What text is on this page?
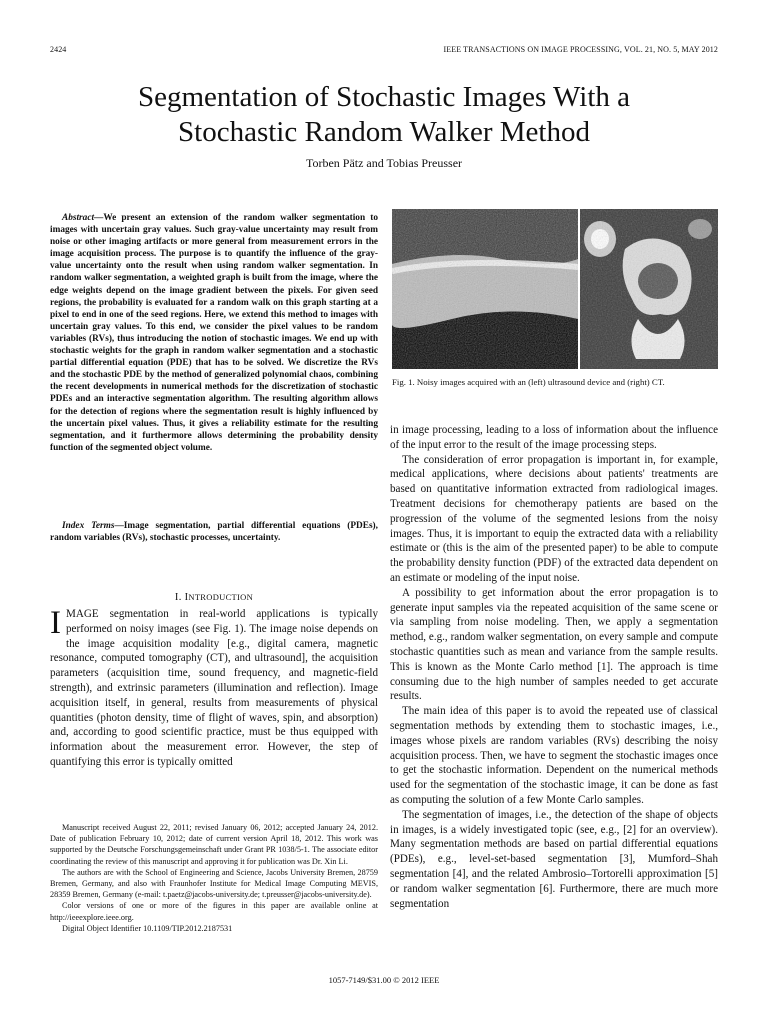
2424	IEEE TRANSACTIONS ON IMAGE PROCESSING, VOL. 21, NO. 5, MAY 2012
Segmentation of Stochastic Images With a
Stochastic Random Walker Method
Torben Pätz and Tobias Preusser
Abstract—We present an extension of the random walker segmentation to images with uncertain gray values. Such gray-value uncertainty may result from noise or other imaging artifacts or more general from measurement errors in the image acquisition process. The purpose is to quantify the influence of the gray-value uncertainty onto the result when using random walker segmentation. In random walker segmentation, a weighted graph is built from the image, where the edge weights depend on the image gradient between the pixels. For given seed regions, the probability is evaluated for a random walk on this graph starting at a pixel to end in one of the seed regions. Here, we extend this method to images with uncertain gray values. To this end, we consider the pixel values to be random variables (RVs), thus introducing the notion of stochastic images. We end up with stochastic weights for the graph in random walker segmentation and a stochastic partial differential equation (PDE) that has to be solved. We discretize the RVs and the stochastic PDE by the method of generalized polynomial chaos, combining the recent developments in numerical methods for the discretization of stochastic PDEs and an interactive segmentation algorithm. The resulting algorithm allows for the detection of regions where the segmentation result is highly influenced by the uncertain pixel values. Thus, it gives a reliability estimate for the resulting segmentation, and it furthermore allows determining the probability density function of the segmented object volume.
Index Terms—Image segmentation, partial differential equations (PDEs), random variables (RVs), stochastic processes, uncertainty.
I. INTRODUCTION
IMAGE segmentation in real-world applications is typically performed on noisy images (see Fig. 1). The image noise depends on the image acquisition modality [e.g., digital camera, magnetic resonance, computed tomography (CT), and ultrasound], the acquisition parameters (acquisition time, sound frequency, and magnetic-field strength), and extrinsic parameters (illumination and reflection). Image acquisition itself, in general, results from measurements of physical quantities (photon density, time of flight of waves, spin, and absorption) and, according to good scientific practice, must be thus equipped with information about the measurement error. However, the step of quantifying this error is typically omitted

Manuscript received August 22, 2011; revised January 06, 2012; accepted January 24, 2012. Date of publication February 10, 2012; date of current version April 18, 2012. This work was supported by the Deutsche Forschungsgemeinschaft under Grant PR 1038/5-1. The associate editor coordinating the review of this manuscript and approving it for publication was Dr. Xin Li.

The authors are with the School of Engineering and Science, Jacobs University Bremen, 28759 Bremen, Germany, and also with Fraunhofer Institute for Medical Image Computing MEVIS, 28359 Bremen, Germany (e-mail: t.paetz@jacobs-university.de; t.preusser@jacobs-university.de).

Color versions of one or more of the figures in this paper are available online at http://ieeexplore.ieee.org.

Digital Object Identifier 10.1109/TIP.2012.2187531

Fig. 1. Noisy images acquired with an (left) ultrasound device and (right) CT.

in image processing, leading to a loss of information about the influence of the input error to the result of the image processing steps.

The consideration of error propagation is important in, for example, medical applications, where decisions about patients' treatments are based on quantitative information extracted from radiological images. Treatment decisions for chemotherapy patients are based on the progression of the volume of the segmented lesions from the noisy images. Thus, it is important to equip the extracted data with a reliability estimate or (this is the aim of the presented paper) to be able to compute the probability density function (PDF) of the extracted data dependent on an estimate or modeling of the input noise.

A possibility to get information about the error propagation is to generate input samples via the repeated acquisition of the same scene or via sampling from noise modeling. Then, we apply a segmentation method, e.g., random walker segmentation, on every sample and compute stochastic quantities such as mean and variance from the sample results. This is known as the Monte Carlo method [1]. The approach is time consuming due to the high number of samples needed to get accurate results.

The main idea of this paper is to avoid the repeated use of classical segmentation methods by extending them to stochastic images, i.e., images whose pixels are random variables (RVs) describing the noisy acquisition process. Then, we have to segment the stochastic images once to get the stochastic information. Dependent on the numerical methods used for the segmentation of the stochastic image, it can be done as fast as computing the solution of a few Monte Carlo samples.

The segmentation of images, i.e., the detection of the shape of objects in images, is a widely investigated topic (see, e.g., [2] for an overview). Many segmentation methods are based on partial differential equations (PDEs), e.g., level-set-based segmentation [3], Mumford–Shah segmentation [4], and the related Ambrosio–Tortorelli approximation [5] or random walker segmentation [6]. Furthermore, there are much more segmentation

1057-7149/$31.00 © 2012 IEEE
